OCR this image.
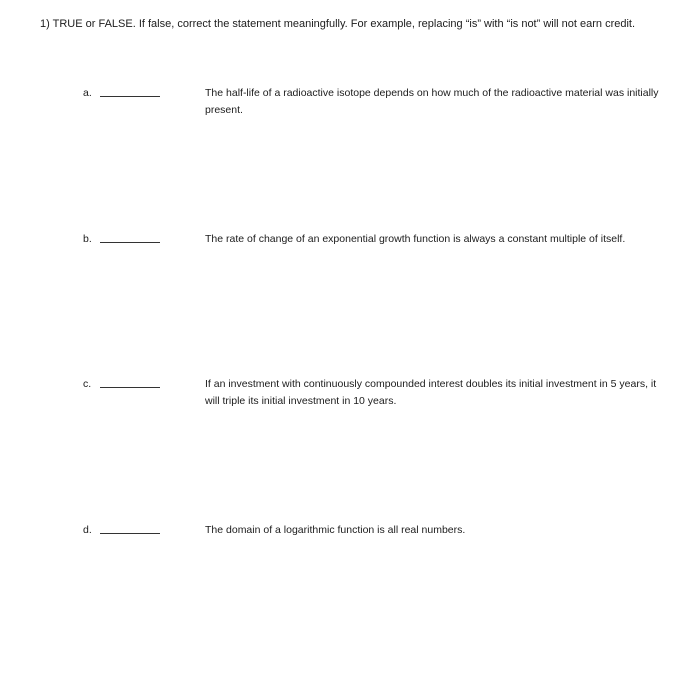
1) TRUE or FALSE. If false, correct the statement meaningfully. For example, replacing “is” with “is not” will not earn credit.

a.	The half-life of a radioactive isotope depends on how much of the radioactive material was initially present.

b.	The rate of change of an exponential growth function is always a constant multiple of itself.

c.	If an investment with continuously compounded interest doubles its initial investment in 5 years, it will triple its initial investment in 10 years.

d.	The domain of a logarithmic function is all real numbers.
